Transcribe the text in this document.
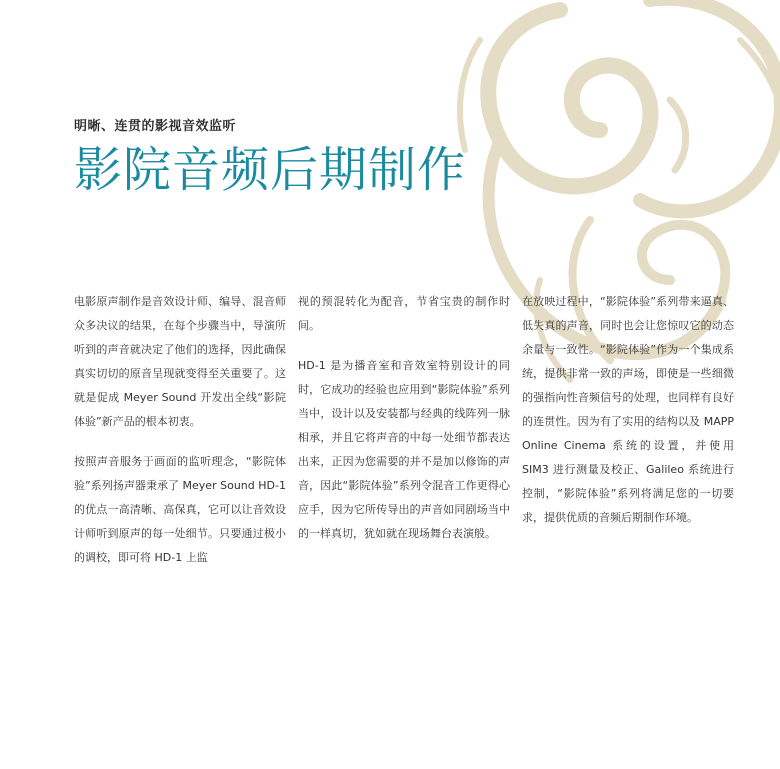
明晰、连贯的影视音效监听
影院音频后期制作

电影原声制作是音效设计师、编导、混音师众多决议的结果，在每个步骤当中，导演所听到的声音就决定了他们的选择，因此确保真实切切的原音呈现就变得至关重要了。这就是促成 Meyer Sound 开发出全线“影院体验”新产品的根本初衷。

按照声音服务于画面的监听理念，“影院体验”系列扬声器秉承了 Meyer Sound HD-1 的优点一高清晰、高保真，它可以让音效设计师听到原声的每一处细节。只要通过极小的调校，即可将 HD-1 上监

视的预混转化为配音，节省宝贵的制作时间。

HD-1 是为播音室和音效室特别设计的同时，它成功的经验也应用到“影院体验”系列当中，设计以及安装都与经典的线阵列一脉相承，并且它将声音的中每一处细节都表达出来，正因为您需要的并不是加以修饰的声音，因此“影院体验”系列令混音工作更得心应手，因为它所传导出的声音如同剧场当中的一样真切，犹如就在现场舞台表演般。

在放映过程中，“影院体验”系列带来逼真、低失真的声音，同时也会让您惊叹它的动态余量与一致性。“影院体验”作为一个集成系统，提供非常一致的声场，即使是一些细微的强指向性音频信号的处理，也同样有良好的连贯性。因为有了实用的结构以及 MAPP Online Cinema 系统的设置，并使用 SIM3 进行测量及校正、Galileo 系统进行控制，“影院体验”系列将满足您的一切要求，提供优质的音频后期制作环境。
